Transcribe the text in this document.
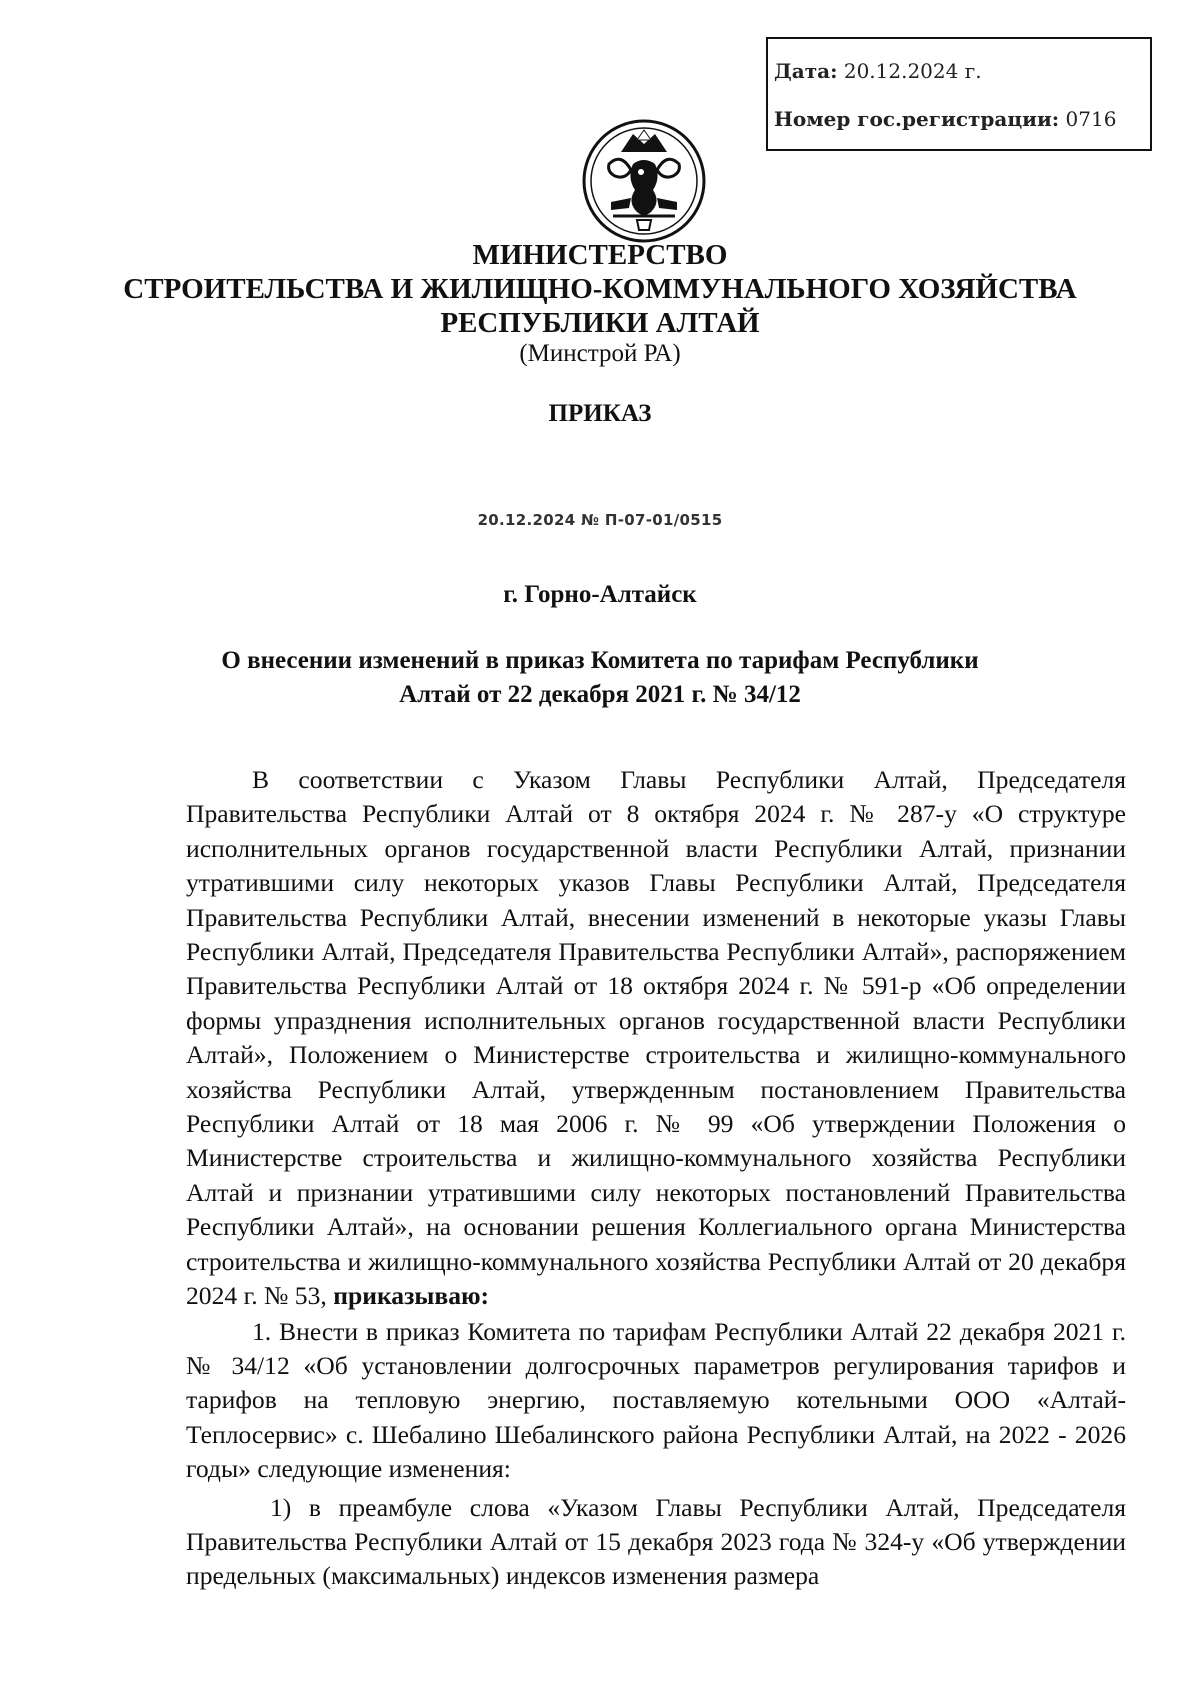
Дата: 20.12.2024 г.
Номер гос.регистрации: 0716
МИНИСТЕРСТВО
СТРОИТЕЛЬСТВА И ЖИЛИЩНО-КОММУНАЛЬНОГО ХОЗЯЙСТВА
РЕСПУБЛИКИ АЛТАЙ
(Минстрой РА)
ПРИКАЗ
20.12.2024 № П-07-01/0515
г. Горно-Алтайск
О внесении изменений в приказ Комитета по тарифам Республики
Алтай от 22 декабря 2021 г. № 34/12

В соответствии с Указом Главы Республики Алтай, Председателя Правительства Республики Алтай от 8 октября 2024 г. № 287-у «О структуре исполнительных органов государственной власти Республики Алтай, признании утратившими силу некоторых указов Главы Республики Алтай, Председателя Правительства Республики Алтай, внесении изменений в некоторые указы Главы Республики Алтай, Председателя Правительства Республики Алтай», распоряжением Правительства Республики Алтай от 18 октября 2024 г. № 591-р «Об определении формы упразднения исполнительных органов государственной власти Республики Алтай», Положением о Министерстве строительства и жилищно-коммунального хозяйства Республики Алтай, утвержденным постановлением Правительства Республики Алтай от 18 мая 2006 г. № 99 «Об утверждении Положения о Министерстве строительства и жилищно-коммунального хозяйства Республики Алтай и признании утратившими силу некоторых постановлений Правительства Республики Алтай», на основании решения Коллегиального органа Министерства строительства и жилищно-коммунального хозяйства Республики Алтай от 20 декабря 2024 г. № 53, приказываю:

1. Внести в приказ Комитета по тарифам Республики Алтай 22 декабря 2021 г. № 34/12 «Об установлении долгосрочных параметров регулирования тарифов и тарифов на тепловую энергию, поставляемую котельными ООО «Алтай-Теплосервис» с. Шебалино Шебалинского района Республики Алтай, на 2022 - 2026 годы» следующие изменения:

1) в преамбуле слова «Указом Главы Республики Алтай, Председателя Правительства Республики Алтай от 15 декабря 2023 года № 324-у «Об утверждении предельных (максимальных) индексов изменения размера
